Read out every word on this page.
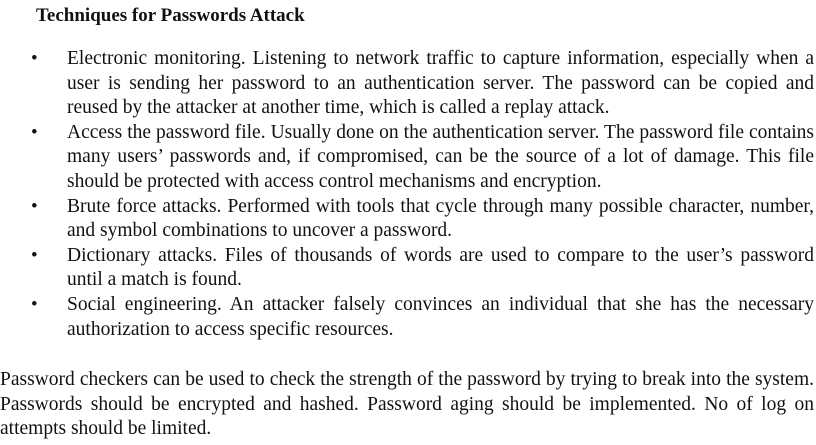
Techniques for Passwords Attack
• Electronic monitoring. Listening to network traffic to capture information, especially when a user is sending her password to an authentication server. The password can be copied and reused by the attacker at another time, which is called a replay attack.
• Access the password file. Usually done on the authentication server. The password file contains many users’ passwords and, if compromised, can be the source of a lot of damage. This file should be protected with access control mechanisms and encryption.
• Brute force attacks. Performed with tools that cycle through many possible character, number, and symbol combinations to uncover a password.
• Dictionary attacks. Files of thousands of words are used to compare to the user’s password until a match is found.
• Social engineering. An attacker falsely convinces an individual that she has the necessary authorization to access specific resources.

Password checkers can be used to check the strength of the password by trying to break into the system. Passwords should be encrypted and hashed. Password aging should be implemented. No of log on attempts should be limited.
